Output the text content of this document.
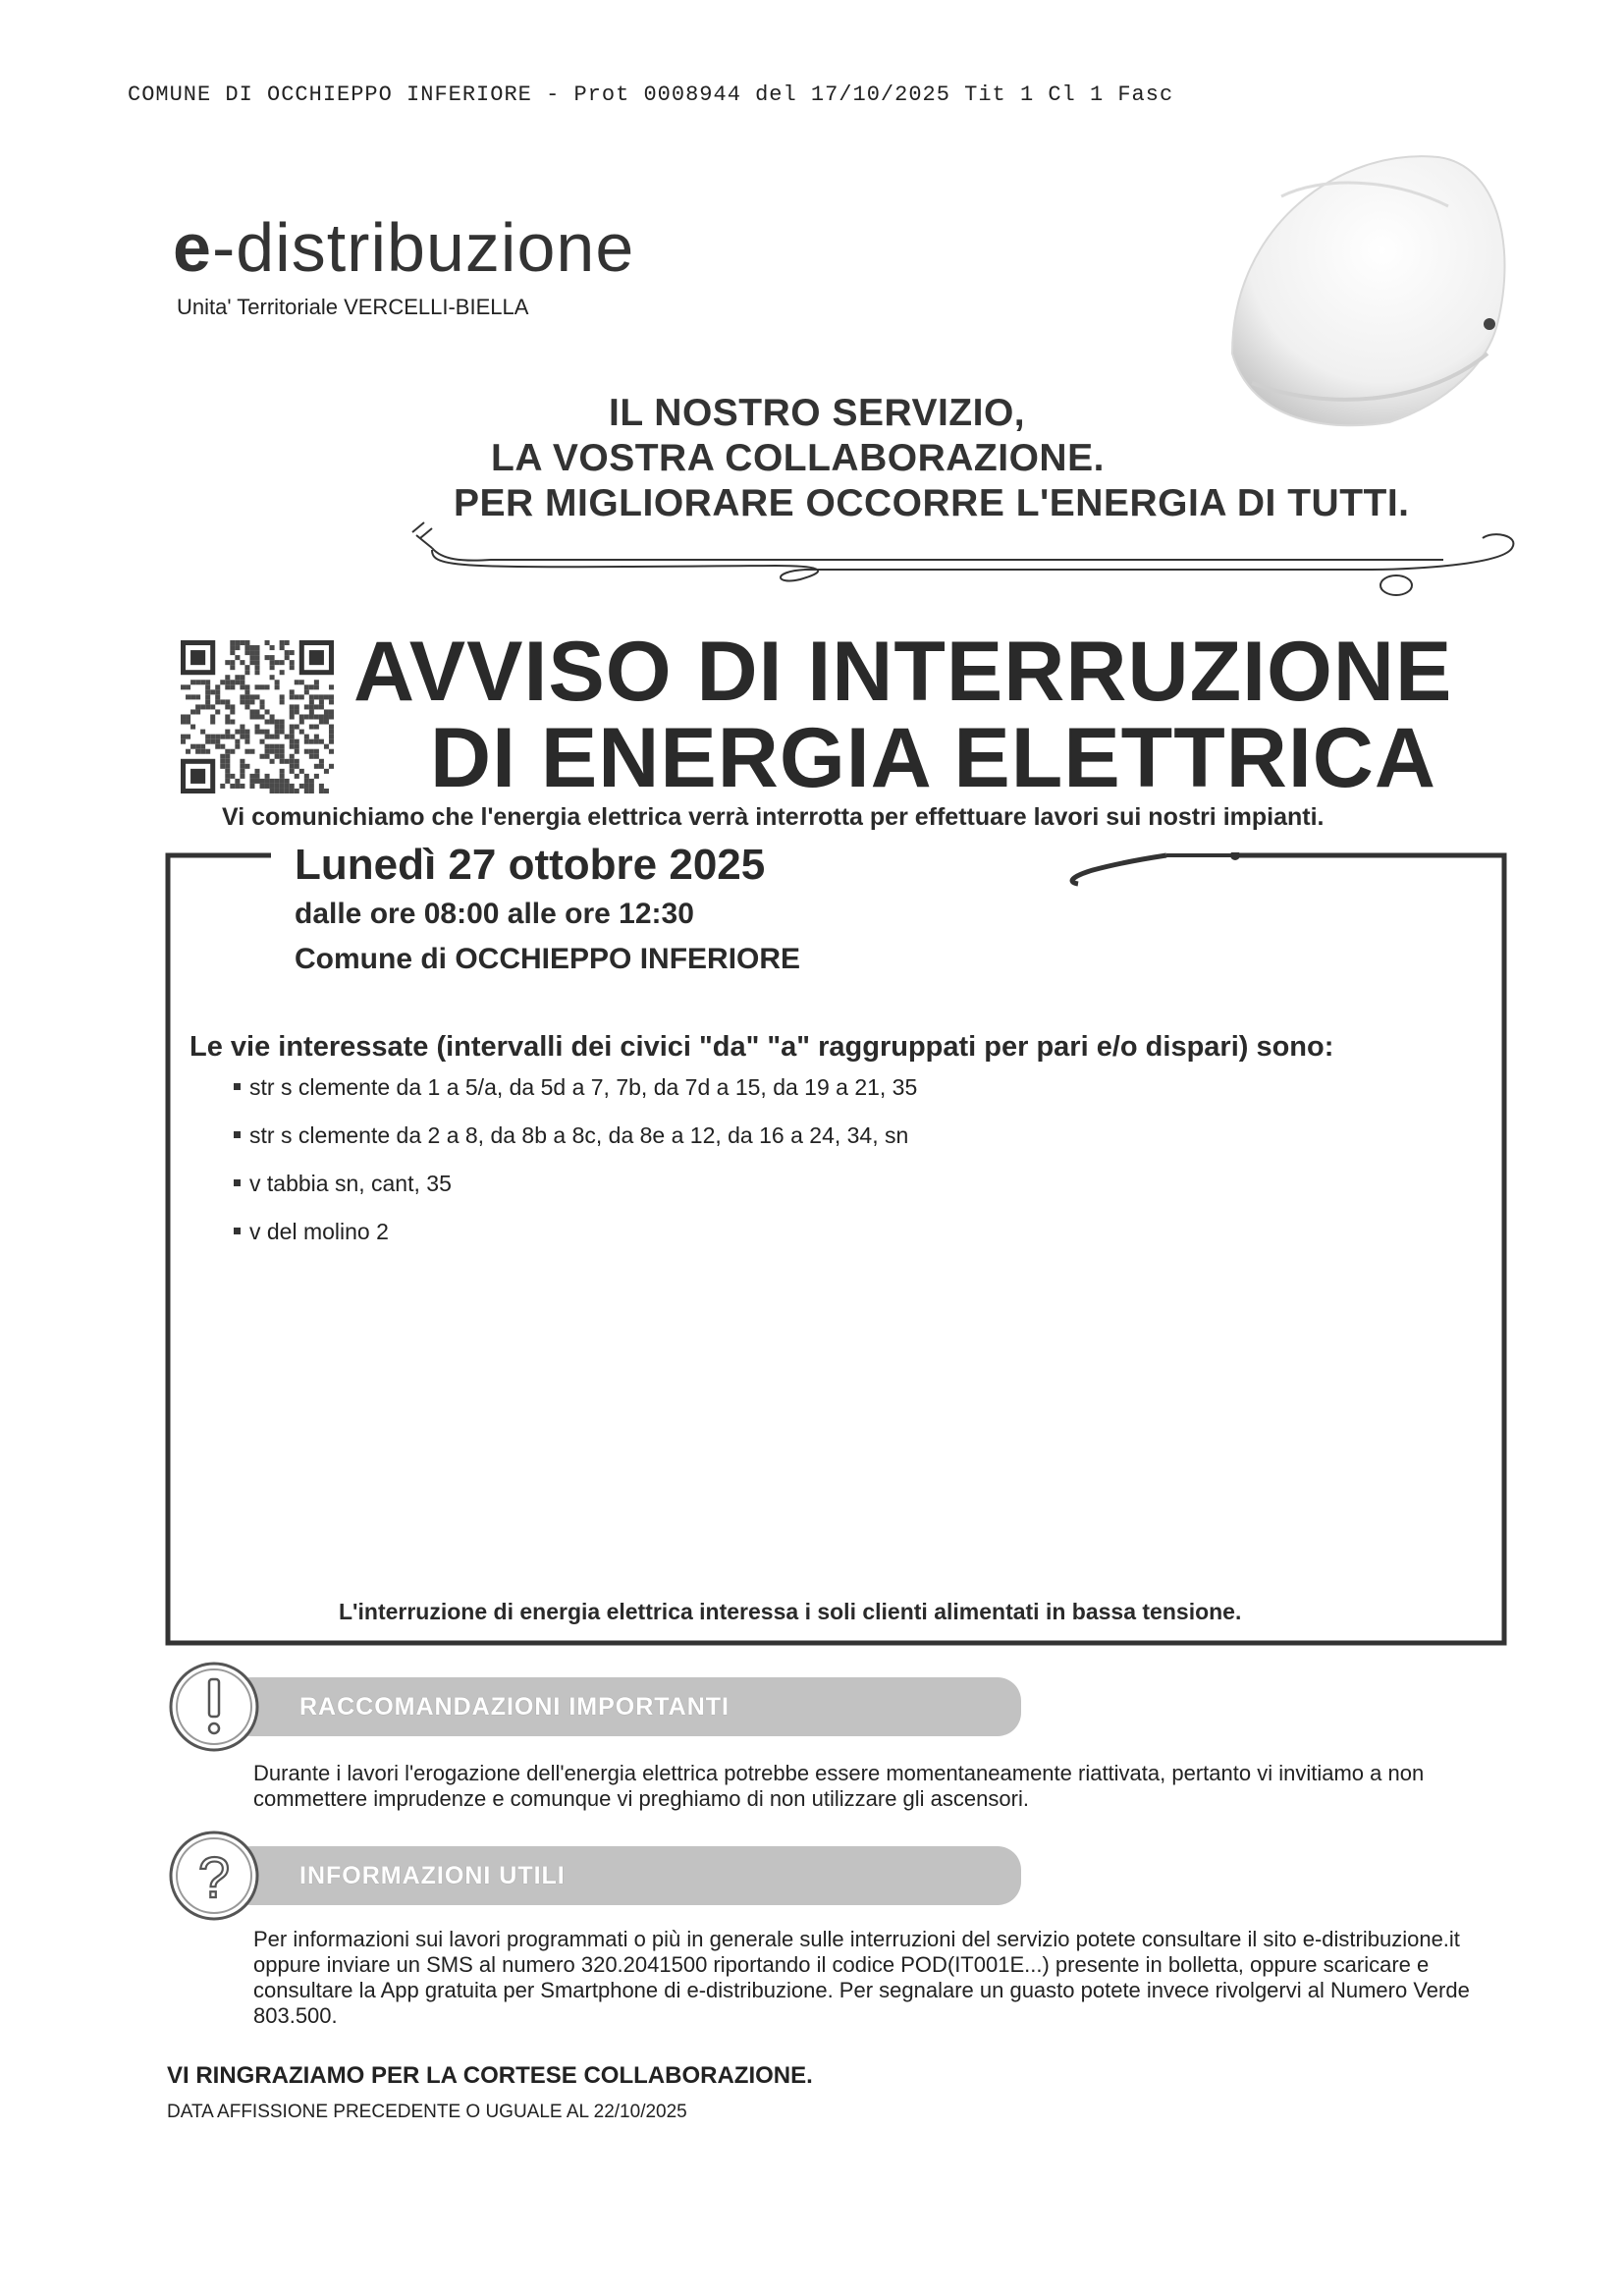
COMUNE DI OCCHIEPPO INFERIORE - Prot 0008944 del 17/10/2025 Tit 1 Cl 1 Fasc
e-distribuzione
Unita' Territoriale VERCELLI-BIELLA
IL NOSTRO SERVIZIO,
LA VOSTRA COLLABORAZIONE.
PER MIGLIORARE OCCORRE L'ENERGIA DI TUTTI.
AVVISO DI INTERRUZIONE
DI ENERGIA ELETTRICA
Vi comunichiamo che l'energia elettrica verrà interrotta per effettuare lavori sui nostri impianti.
Lunedì 27 ottobre 2025
dalle ore 08:00 alle ore 12:30
Comune di OCCHIEPPO INFERIORE
Le vie interessate (intervalli dei civici "da" "a" raggruppati per pari e/o dispari) sono:
str s clemente da 1 a 5/a, da 5d a 7, 7b, da 7d a 15, da 19 a 21, 35
str s clemente da 2 a 8, da 8b a 8c, da 8e a 12, da 16 a 24, 34, sn
v tabbia sn, cant, 35
v del molino 2
L'interruzione di energia elettrica interessa i soli clienti alimentati in bassa tensione.
RACCOMANDAZIONI IMPORTANTI
Durante i lavori l'erogazione dell'energia elettrica potrebbe essere momentaneamente riattivata, pertanto vi invitiamo a non commettere imprudenze e comunque vi preghiamo di non utilizzare gli ascensori.
?	INFORMAZIONI UTILI
Per informazioni sui lavori programmati o più in generale sulle interruzioni del servizio potete consultare il sito e-distribuzione.it oppure inviare un SMS al numero 320.2041500 riportando il codice POD(IT001E...) presente in bolletta, oppure scaricare e consultare la App gratuita per Smartphone di e-distribuzione. Per segnalare un guasto potete invece rivolgervi al Numero Verde 803.500.
VI RINGRAZIAMO PER LA CORTESE COLLABORAZIONE.
DATA AFFISSIONE PRECEDENTE O UGUALE AL 22/10/2025
